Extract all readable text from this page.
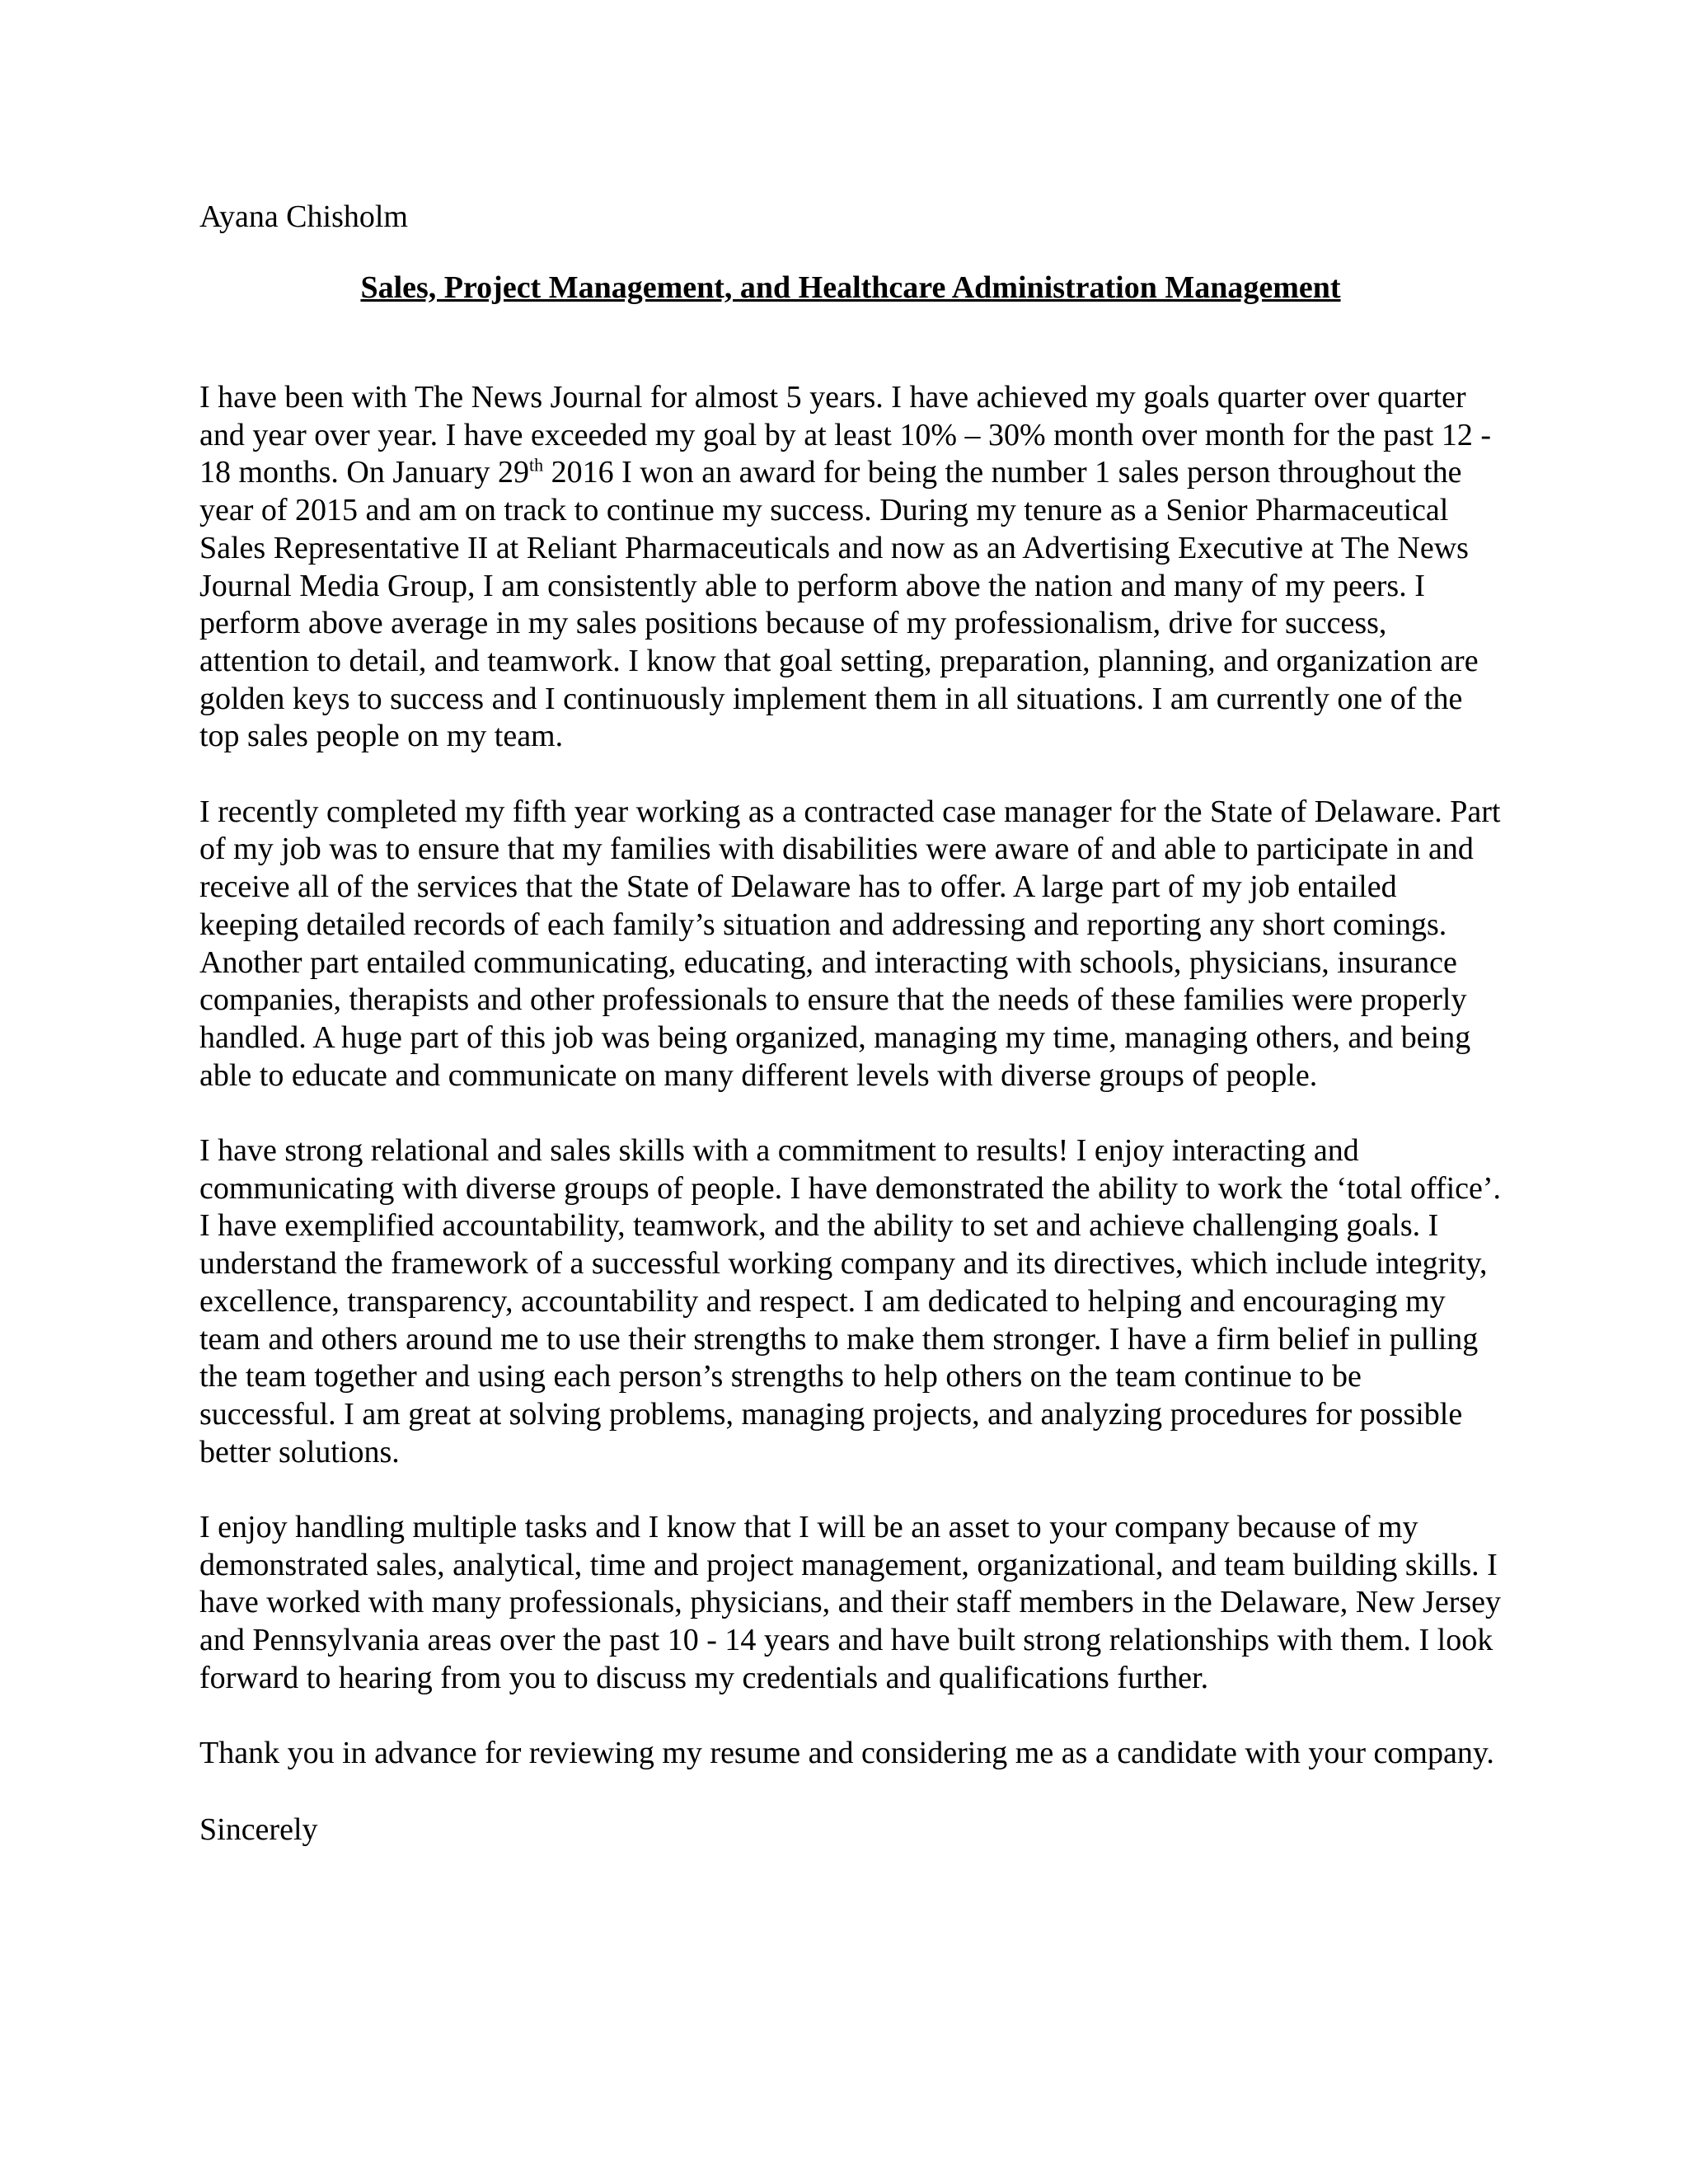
Ayana Chisholm

Sales, Project Management, and Healthcare Administration Management

I have been with The News Journal for almost 5 years. I have achieved my goals quarter over quarter and year over year. I have exceeded my goal by at least 10% – 30% month over month for the past 12 - 18 months. On January 29th 2016 I won an award for being the number 1 sales person throughout the year of 2015 and am on track to continue my success. During my tenure as a Senior Pharmaceutical Sales Representative II at Reliant Pharmaceuticals and now as an Advertising Executive at The News Journal Media Group, I am consistently able to perform above the nation and many of my peers. I perform above average in my sales positions because of my professionalism, drive for success, attention to detail, and teamwork. I know that goal setting, preparation, planning, and organization are golden keys to success and I continuously implement them in all situations. I am currently one of the top sales people on my team.

I recently completed my fifth year working as a contracted case manager for the State of Delaware. Part of my job was to ensure that my families with disabilities were aware of and able to participate in and receive all of the services that the State of Delaware has to offer. A large part of my job entailed keeping detailed records of each family’s situation and addressing and reporting any short comings. Another part entailed communicating, educating, and interacting with schools, physicians, insurance companies, therapists and other professionals to ensure that the needs of these families were properly handled. A huge part of this job was being organized, managing my time, managing others, and being able to educate and communicate on many different levels with diverse groups of people.

I have strong relational and sales skills with a commitment to results! I enjoy interacting and communicating with diverse groups of people. I have demonstrated the ability to work the ‘total office’. I have exemplified accountability, teamwork, and the ability to set and achieve challenging goals. I understand the framework of a successful working company and its directives, which include integrity, excellence, transparency, accountability and respect. I am dedicated to helping and encouraging my team and others around me to use their strengths to make them stronger. I have a firm belief in pulling the team together and using each person’s strengths to help others on the team continue to be successful. I am great at solving problems, managing projects, and analyzing procedures for possible better solutions.

I enjoy handling multiple tasks and I know that I will be an asset to your company because of my demonstrated sales, analytical, time and project management, organizational, and team building skills. I have worked with many professionals, physicians, and their staff members in the Delaware, New Jersey and Pennsylvania areas over the past 10 - 14 years and have built strong relationships with them. I look forward to hearing from you to discuss my credentials and qualifications further.

Thank you in advance for reviewing my resume and considering me as a candidate with your company.

Sincerely
